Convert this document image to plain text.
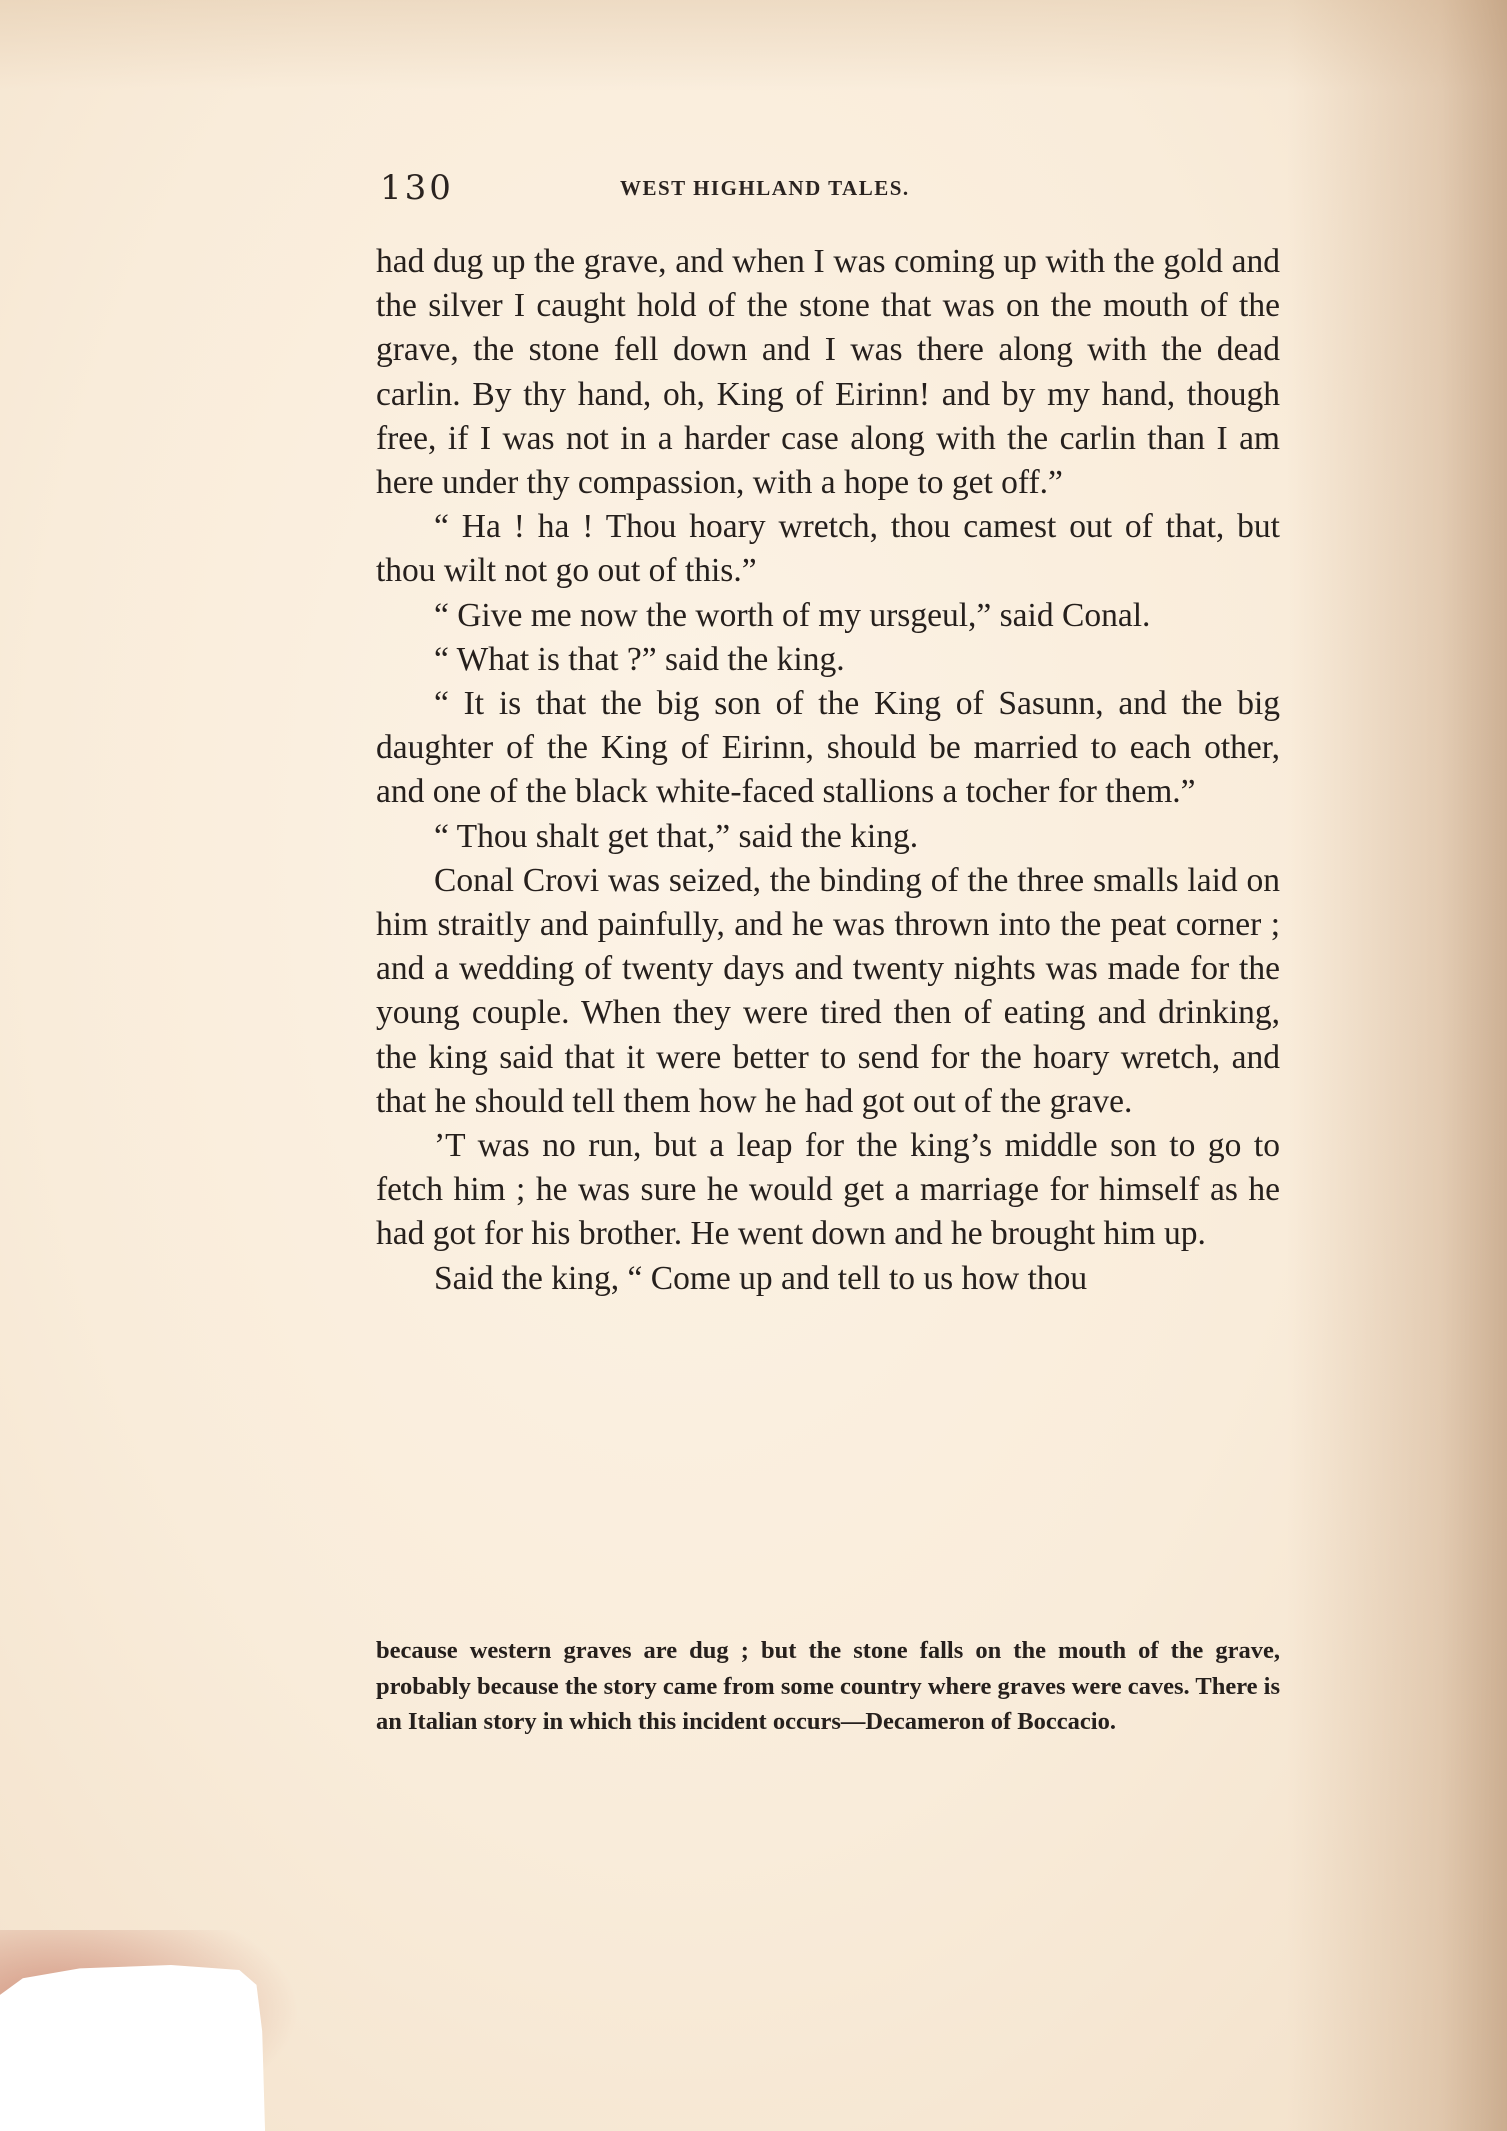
130	WEST HIGHLAND TALES.

had dug up the grave, and when I was coming up with the gold and the silver I caught hold of the stone that was on the mouth of the grave, the stone fell down and I was there along with the dead carlin. By thy hand, oh, King of Eirinn! and by my hand, though free, if I was not in a harder case along with the carlin than I am here under thy compassion, with a hope to get off.”

“ Ha ! ha ! Thou hoary wretch, thou camest out of that, but thou wilt not go out of this.”

“ Give me now the worth of my ursgeul,” said Conal.

“ What is that ?” said the king.

“ It is that the big son of the King of Sasunn, and the big daughter of the King of Eirinn, should be married to each other, and one of the black white-faced stallions a tocher for them.”

“ Thou shalt get that,” said the king.

Conal Crovi was seized, the binding of the three smalls laid on him straitly and painfully, and he was thrown into the peat corner ; and a wedding of twenty days and twenty nights was made for the young couple. When they were tired then of eating and drinking, the king said that it were better to send for the hoary wretch, and that he should tell them how he had got out of the grave.

’T was no run, but a leap for the king’s middle son to go to fetch him ; he was sure he would get a marriage for himself as he had got for his brother. He went down and he brought him up.

Said the king, “ Come up and tell to us how thou

because western graves are dug ; but the stone falls on the mouth of the grave, probably because the story came from some country where graves were caves. There is an Italian story in which this incident occurs—Decameron of Boccacio.
